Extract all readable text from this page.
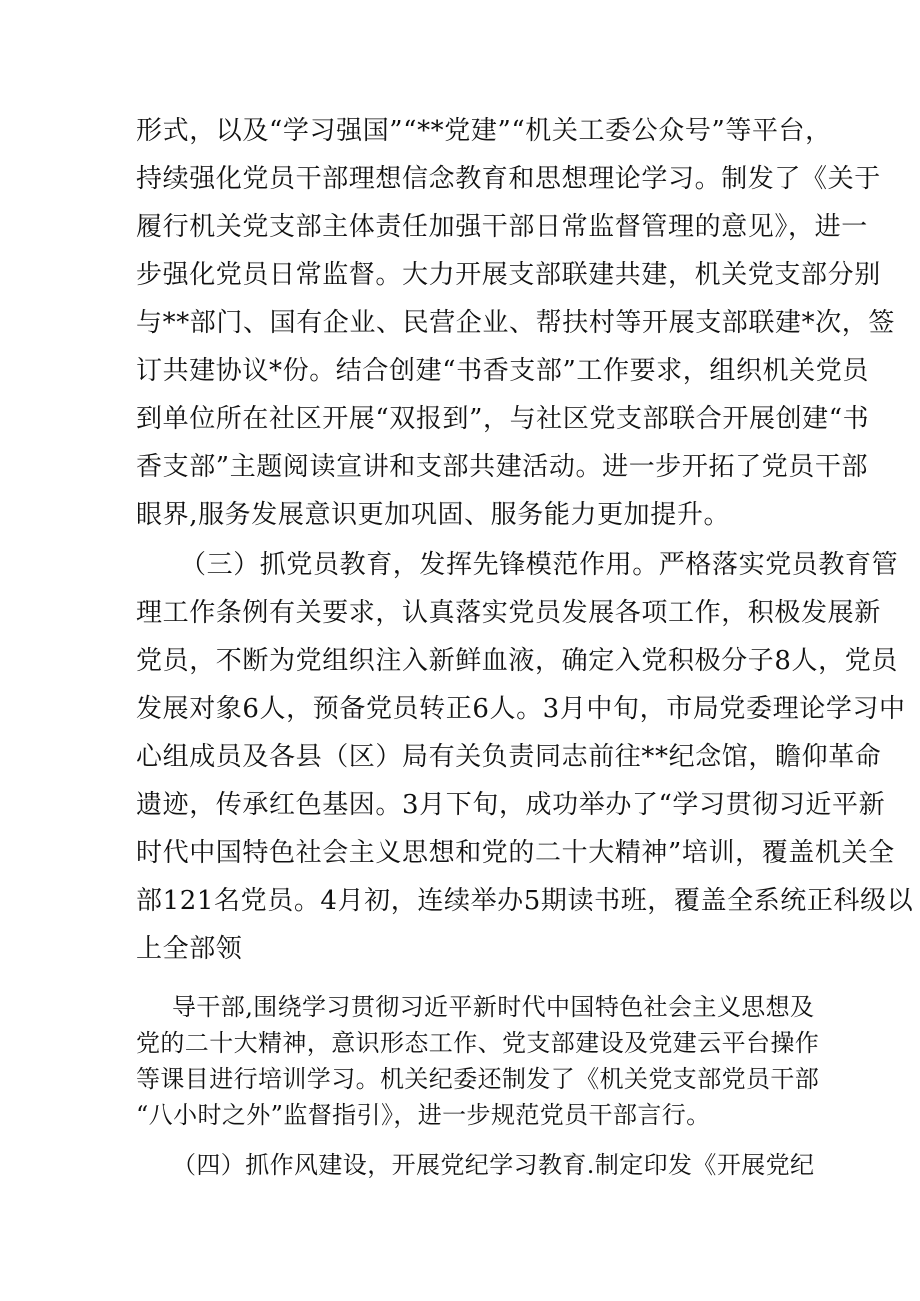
形式，以及“学习强国”“**党建”“机关工委公众号”等平台，
持续强化党员干部理想信念教育和思想理论学习。制发了《关于
履行机关党支部主体责任加强干部日常监督管理的意见》，进一
步强化党员日常监督。大力开展支部联建共建，机关党支部分别
与**部门、国有企业、民营企业、帮扶村等开展支部联建*次，签
订共建协议*份。结合创建“书香支部”工作要求，组织机关党员
到单位所在社区开展“双报到”，与社区党支部联合开展创建“书
香支部”主题阅读宣讲和支部共建活动。进一步开拓了党员干部
眼界,服务发展意识更加巩固、服务能力更加提升。
（三）抓党员教育，发挥先锋模范作用。严格落实党员教育管
理工作条例有关要求，认真落实党员发展各项工作，积极发展新
党员，不断为党组织注入新鲜血液，确定入党积极分子8人，党员
发展对象6人，预备党员转正6人。3月中旬，市局党委理论学习中
心组成员及各县（区）局有关负责同志前往**纪念馆，瞻仰革命
遗迹，传承红色基因。3月下旬，成功举办了“学习贯彻习近平新
时代中国特色社会主义思想和党的二十大精神”培训，覆盖机关全
部121名党员。4月初，连续举办5期读书班，覆盖全系统正科级以
上全部领
导干部,围绕学习贯彻习近平新时代中国特色社会主义思想及
党的二十大精神，意识形态工作、党支部建设及党建云平台操作
等课目进行培训学习。机关纪委还制发了《机关党支部党员干部
“八小时之外”监督指引》，进一步规范党员干部言行。
（四）抓作风建设，开展党纪学习教育.制定印发《开展党纪
